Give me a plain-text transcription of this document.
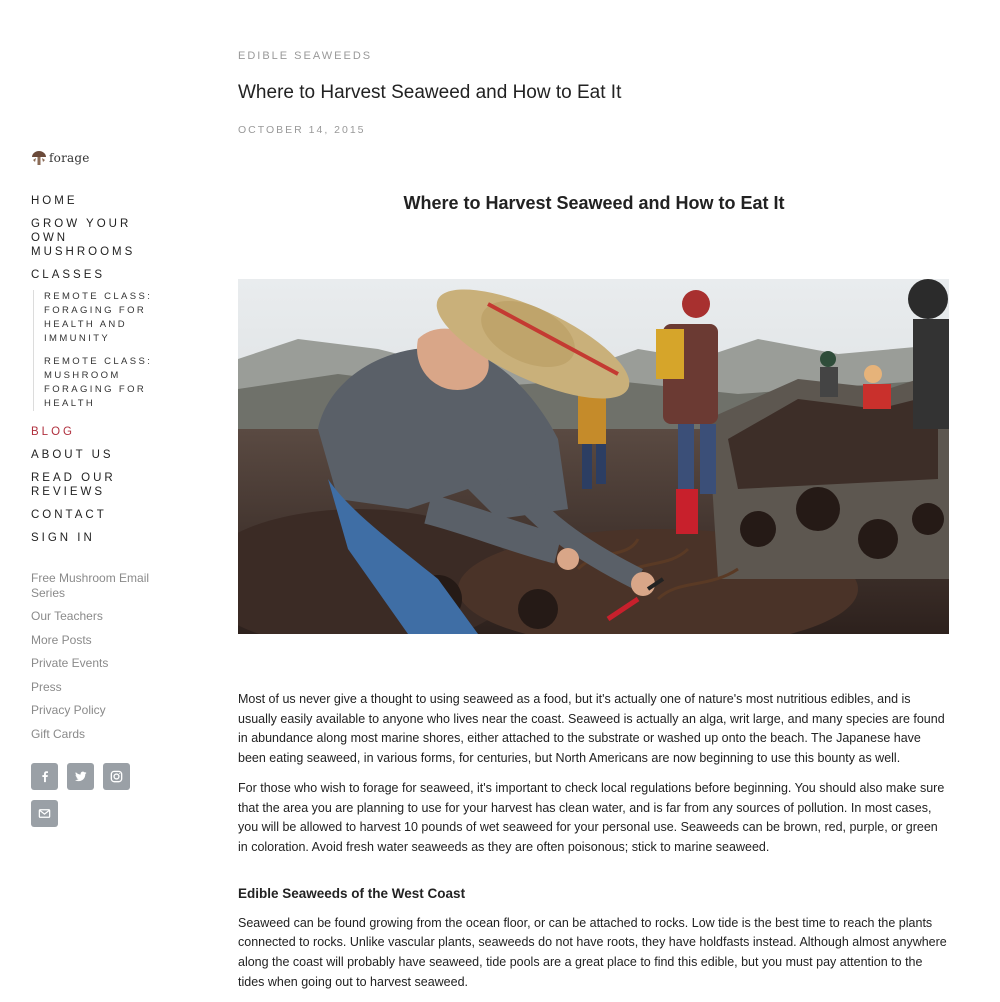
forage
HOME
GROW YOUR OWN MUSHROOMS
CLASSES
REMOTE CLASS: FORAGING FOR HEALTH AND IMMUNITY
REMOTE CLASS: MUSHROOM FORAGING FOR HEALTH
BLOG
ABOUT US
READ OUR REVIEWS
CONTACT
SIGN IN
Free Mushroom Email Series
Our Teachers
More Posts
Private Events
Press
Privacy Policy
Gift Cards
EDIBLE SEAWEEDS
Where to Harvest Seaweed and How to Eat It
OCTOBER 14, 2015
Where to Harvest Seaweed and How to Eat It

Most of us never give a thought to using seaweed as a food, but it's actually one of nature's most nutritious edibles, and is usually easily available to anyone who lives near the coast. Seaweed is actually an alga, writ large, and many species are found in abundance along most marine shores, either attached to the substrate or washed up onto the beach. The Japanese have been eating seaweed, in various forms, for centuries, but North Americans are now beginning to use this bounty as well.

For those who wish to forage for seaweed, it's important to check local regulations before beginning. You should also make sure that the area you are planning to use for your harvest has clean water, and is far from any sources of pollution. In most cases, you will be allowed to harvest 10 pounds of wet seaweed for your personal use. Seaweeds can be brown, red, purple, or green in coloration. Avoid fresh water seaweeds as they are often poisonous; stick to marine seaweed.

Edible Seaweeds of the West Coast

Seaweed can be found growing from the ocean floor, or can be attached to rocks. Low tide is the best time to reach the plants connected to rocks. Unlike vascular plants, seaweeds do not have roots, they have holdfasts instead. Although almost anywhere along the coast will probably have seaweed, tide pools are a great place to find this edible, but you must pay attention to the tides when going out to harvest seaweed.
